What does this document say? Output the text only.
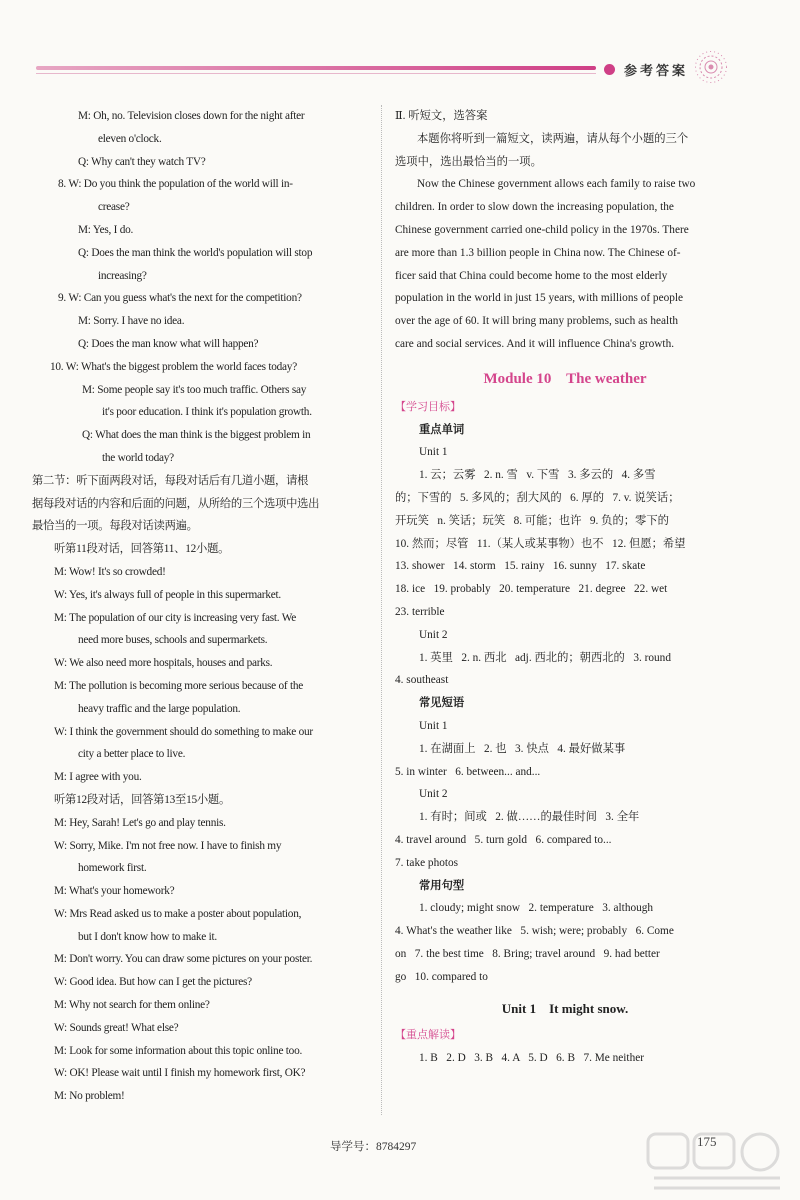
参考答案
M: Oh, no. Television closes down for the night after
eleven o'clock.
Q: Why can't they watch TV?
8. W: Do you think the population of the world will in-
crease?
M: Yes, I do.
Q: Does the man think the world's population will stop
increasing?
9. W: Can you guess what's the next for the competition?
M: Sorry. I have no idea.
Q: Does the man know what will happen?
10. W: What's the biggest problem the world faces today?
M: Some people say it's too much traffic. Others say
it's poor education. I think it's population growth.
Q: What does the man think is the biggest problem in
the world today?
第二节：听下面两段对话，每段对话后有几道小题，请根
据每段对话的内容和后面的问题，从所给的三个选项中选出
最恰当的一项。每段对话读两遍。
听第11段对话，回答第11、12小题。
M: Wow! It's so crowded!
W: Yes, it's always full of people in this supermarket.
M: The population of our city is increasing very fast. We
need more buses, schools and supermarkets.
W: We also need more hospitals, houses and parks.
M: The pollution is becoming more serious because of the
heavy traffic and the large population.
W: I think the government should do something to make our
city a better place to live.
M: I agree with you.
听第12段对话，回答第13至15小题。
M: Hey, Sarah! Let's go and play tennis.
W: Sorry, Mike. I'm not free now. I have to finish my
homework first.
M: What's your homework?
W: Mrs Read asked us to make a poster about population,
but I don't know how to make it.
M: Don't worry. You can draw some pictures on your poster.
W: Good idea. But how can I get the pictures?
M: Why not search for them online?
W: Sounds great! What else?
M: Look for some information about this topic online too.
W: OK! Please wait until I finish my homework first, OK?
M: No problem!
Ⅱ. 听短文，选答案
本题你将听到一篇短文，读两遍，请从每个小题的三个
选项中，选出最恰当的一项。
Now the Chinese government allows each family to raise two
children. In order to slow down the increasing population, the
Chinese government carried one-child policy in the 1970s. There
are more than 1.3 billion people in China now. The Chinese of-
ficer said that China could become home to the most elderly
population in the world in just 15 years, with millions of people
over the age of 60. It will bring many problems, such as health
care and social services. And it will influence China's growth.
Module 10    The weather
【学习目标】
重点单词
Unit 1
1. 云；云雾   2. n. 雪   v. 下雪   3. 多云的   4. 多雪
的；下雪的   5. 多风的；刮大风的   6. 厚的   7. v. 说笑话；
开玩笑   n. 笑话；玩笑   8. 可能；也许   9. 负的；零下的
10. 然而；尽管   11.（某人或某事物）也不   12. 但愿；希望
13. shower   14. storm   15. rainy   16. sunny   17. skate
18. ice   19. probably   20. temperature   21. degree   22. wet
23. terrible
Unit 2
1. 英里   2. n. 西北   adj. 西北的；朝西北的   3. round
4. southeast
常见短语
Unit 1
1. 在湖面上   2. 也   3. 快点   4. 最好做某事
5. in winter   6. between... and...
Unit 2
1. 有时；间或   2. 做……的最佳时间   3. 全年
4. travel around   5. turn gold   6. compared to...
7. take photos
常用句型
1. cloudy; might snow   2. temperature   3. although
4. What's the weather like   5. wish; were; probably   6. Come
on   7. the best time   8. Bring; travel around   9. had better
go   10. compared to
Unit 1    It might snow.
【重点解读】
1. B   2. D   3. B   4. A   5. D   6. B   7. Me neither
导学号：8784297	175
